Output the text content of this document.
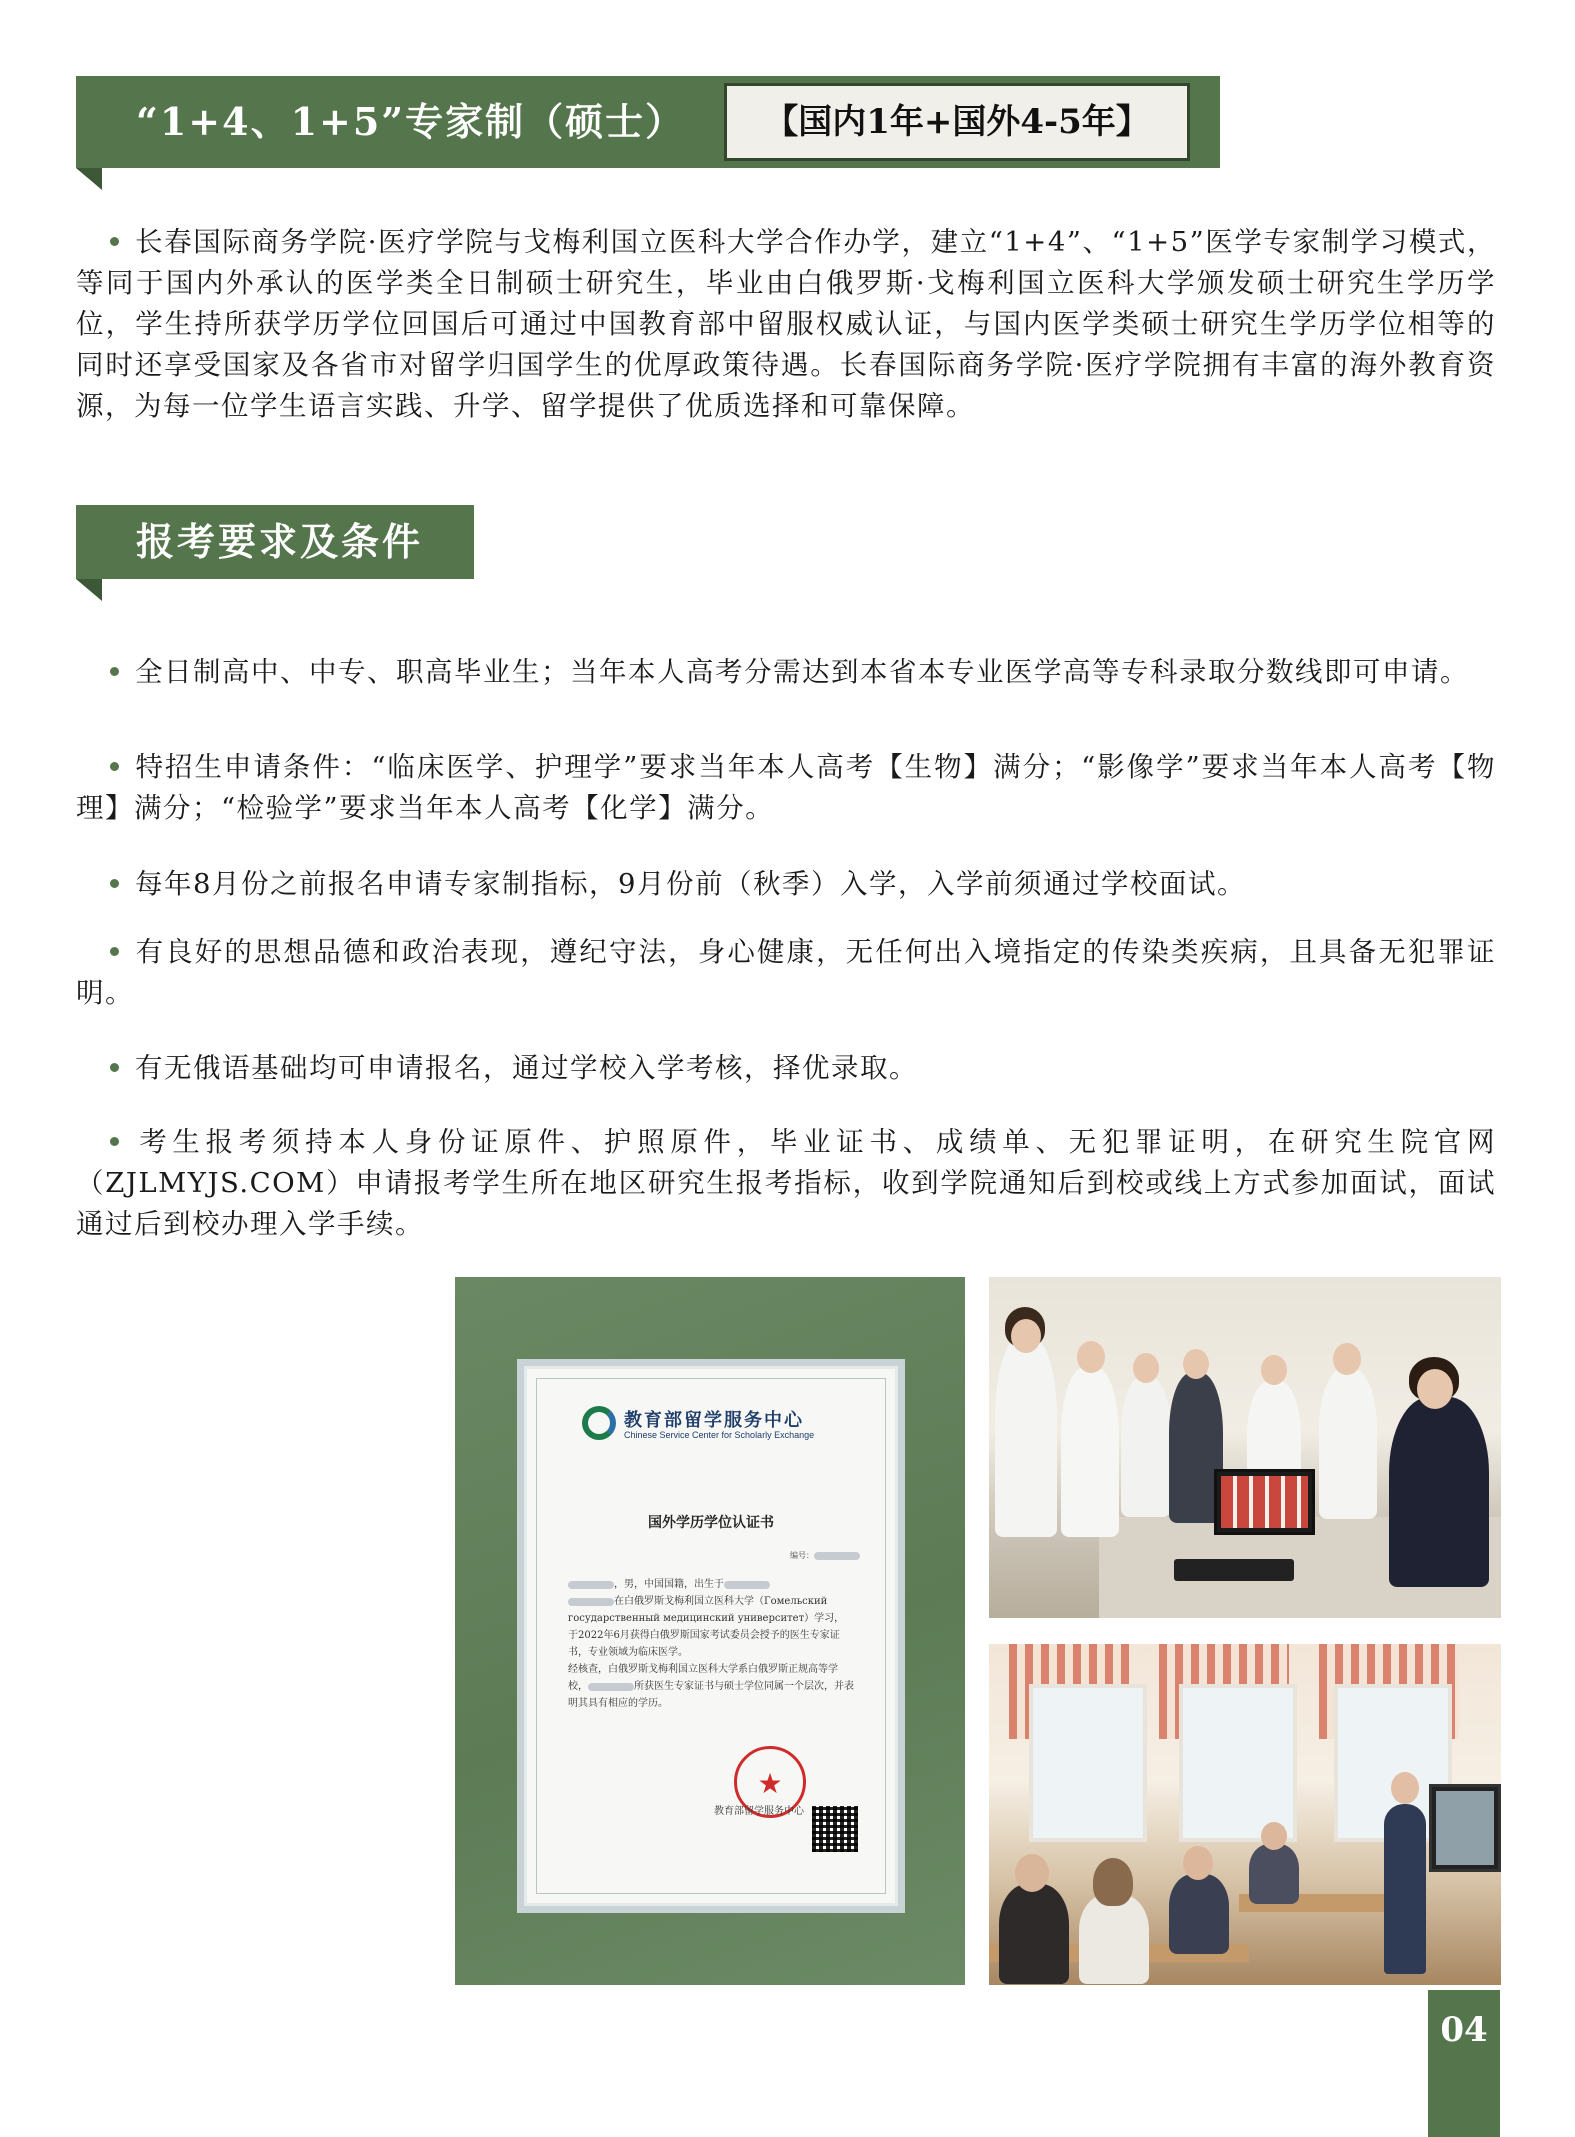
“1+4、1+5”专家制（硕士）	【国内1年+国外4-5年】
长春国际商务学院·医疗学院与戈梅利国立医科大学合作办学，建立“1+4”、“1+5”医学专家制学习模式，等同于国内外承认的医学类全日制硕士研究生，毕业由白俄罗斯·戈梅利国立医科大学颁发硕士研究生学历学位，学生持所获学历学位回国后可通过中国教育部中留服权威认证，与国内医学类硕士研究生学历学位相等的同时还享受国家及各省市对留学归国学生的优厚政策待遇。长春国际商务学院·医疗学院拥有丰富的海外教育资源，为每一位学生语言实践、升学、留学提供了优质选择和可靠保障。
报考要求及条件
全日制高中、中专、职高毕业生；当年本人高考分需达到本省本专业医学高等专科录取分数线即可申请。
特招生申请条件：“临床医学、护理学”要求当年本人高考【生物】满分；“影像学”要求当年本人高考【物理】满分；“检验学”要求当年本人高考【化学】满分。
每年8月份之前报名申请专家制指标，9月份前（秋季）入学，入学前须通过学校面试。
有良好的思想品德和政治表现，遵纪守法，身心健康，无任何出入境指定的传染类疾病，且具备无犯罪证明。
有无俄语基础均可申请报名，通过学校入学考核，择优录取。
考生报考须持本人身份证原件、护照原件，毕业证书、成绩单、无犯罪证明，在研究生院官网（ZJLMYJS.COM）申请报考学生所在地区研究生报考指标，收到学院通知后到校或线上方式参加面试，面试通过后到校办理入学手续。
教育部留学服务中心
Chinese Service Center for Scholarly Exchange
国外学历学位认证书
编号：
，男，中国国籍，出生于
在白俄罗斯戈梅利国立医科大学（Гомельский государственный медицинский университет）学习，于2022年6月获得白俄罗斯国家考试委员会授予的医生专家证书，专业领域为临床医学。
经核查，白俄罗斯戈梅利国立医科大学系白俄罗斯正规高等学校，	所获医生专家证书与硕士学位同属一个层次，并表明其具有相应的学历。
★
教育部留学服务中心
04
